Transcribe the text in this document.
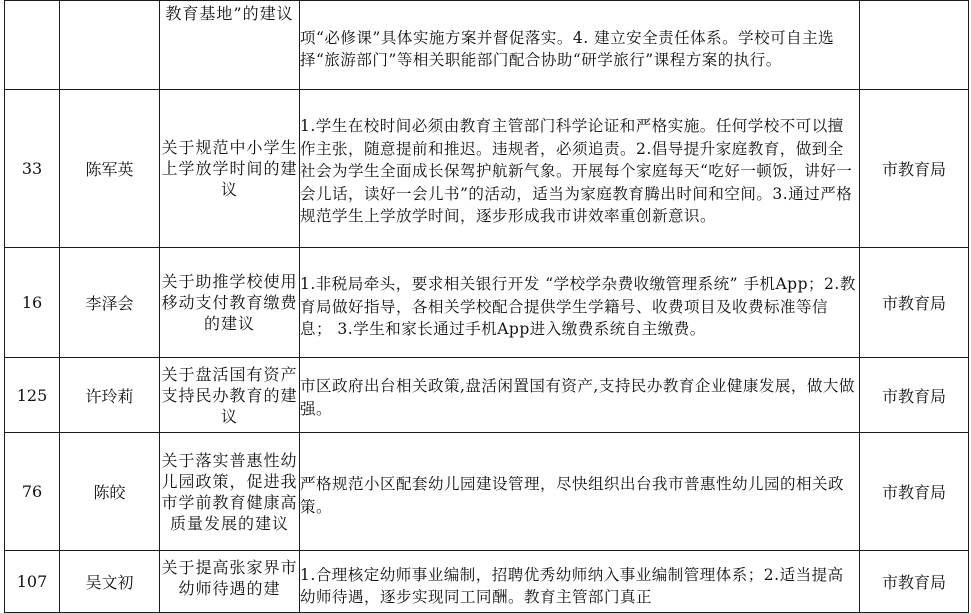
		教育基地”的建议	项“必修课”具体实施方案并督促落实。4. 建立安全责任体系。学校可自主选择“旅游部门”等相关职能部门配合协助“研学旅行”课程方案的执行。	

33	陈军英	关于规范中小学生上学放学时间的建议	1.学生在校时间必须由教育主管部门科学论证和严格实施。任何学校不可以擅作主张，随意提前和推迟。违规者，必须追责。2.倡导提升家庭教育，做到全社会为学生全面成长保驾护航新气象。开展每个家庭每天“吃好一顿饭，讲好一会儿话，读好一会儿书”的活动，适当为家庭教育腾出时间和空间。3.通过严格规范学生上学放学时间，逐步形成我市讲效率重创新意识。	市教育局
16	李泽会	关于助推学校使用移动支付教育缴费的建议	1.非税局牵头，要求相关银行开发 “学校学杂费收缴管理系统” 手机App；2.教育局做好指导，各相关学校配合提供学生学籍号、收费项目及收费标准等信息； 3.学生和家长通过手机App进入缴费系统自主缴费。	市教育局
125	许玲莉	关于盘活国有资产支持民办教育的建议	市区政府出台相关政策,盘活闲置国有资产,支持民办教育企业健康发展，做大做强。	市教育局
76	陈皎	关于落实普惠性幼儿园政策，促进我市学前教育健康高质量发展的建议	严格规范小区配套幼儿园建设管理，尽快组织出台我市普惠性幼儿园的相关政策。	市教育局
107	吴文初	关于提高张家界市幼师待遇的建	1.合理核定幼师事业编制，招聘优秀幼师纳入事业编制管理体系；2.适当提高幼师待遇，逐步实现同工同酬。教育主管部门真正	市教育局
